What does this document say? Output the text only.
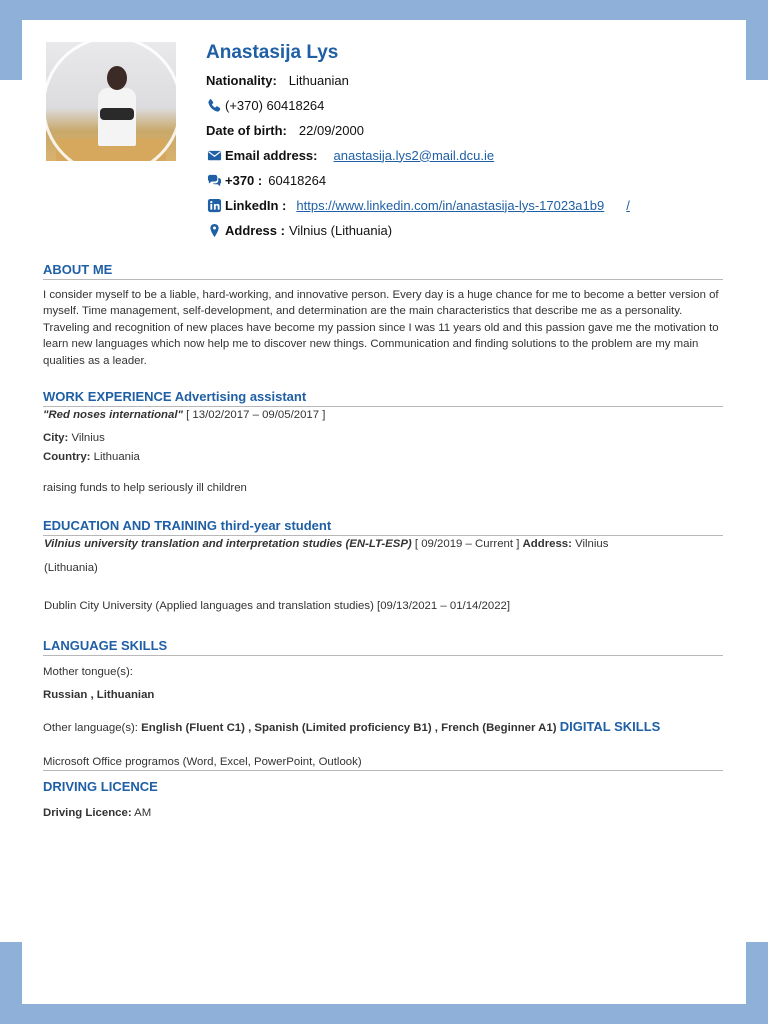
Anastasija Lys
Nationality: Lithuanian
(+370) 60418264
Date of birth: 22/09/2000
Email address: anastasija.lys2@mail.dcu.ie
+370 : 60418264
LinkedIn : https://www.linkedin.com/in/anastasija-lys-17023a1b9 /
Address : Vilnius (Lithuania)
ABOUT ME

I consider myself to be a liable, hard-working, and innovative person. Every day is a huge chance for me to become a better version of myself. Time management, self-development, and determination are the main characteristics that describe me as a personality. Traveling and recognition of new places have become my passion since I was 11 years old and this passion gave me the motivation to learn new languages which now help me to discover new things. Communication and finding solutions to the problem are my main qualities as a leader.

WORK EXPERIENCE Advertising assistant
"Red noses international" [ 13/02/2017 – 09/05/2017 ]
City: Vilnius
Country: Lithuania
raising funds to help seriously ill children
EDUCATION AND TRAINING third-year student
Vilnius university translation and interpretation studies (EN-LT-ESP) [ 09/2019 – Current ] Address: Vilnius
(Lithuania)
Dublin City University (Applied languages and translation studies) [09/13/2021 – 01/14/2022]
LANGUAGE SKILLS
Mother tongue(s):
Russian , Lithuanian
Other language(s): English (Fluent C1) , Spanish (Limited proficiency B1) , French (Beginner A1) DIGITAL SKILLS
Microsoft Office programos (Word, Excel, PowerPoint, Outlook)
DRIVING LICENCE
Driving Licence: AM
